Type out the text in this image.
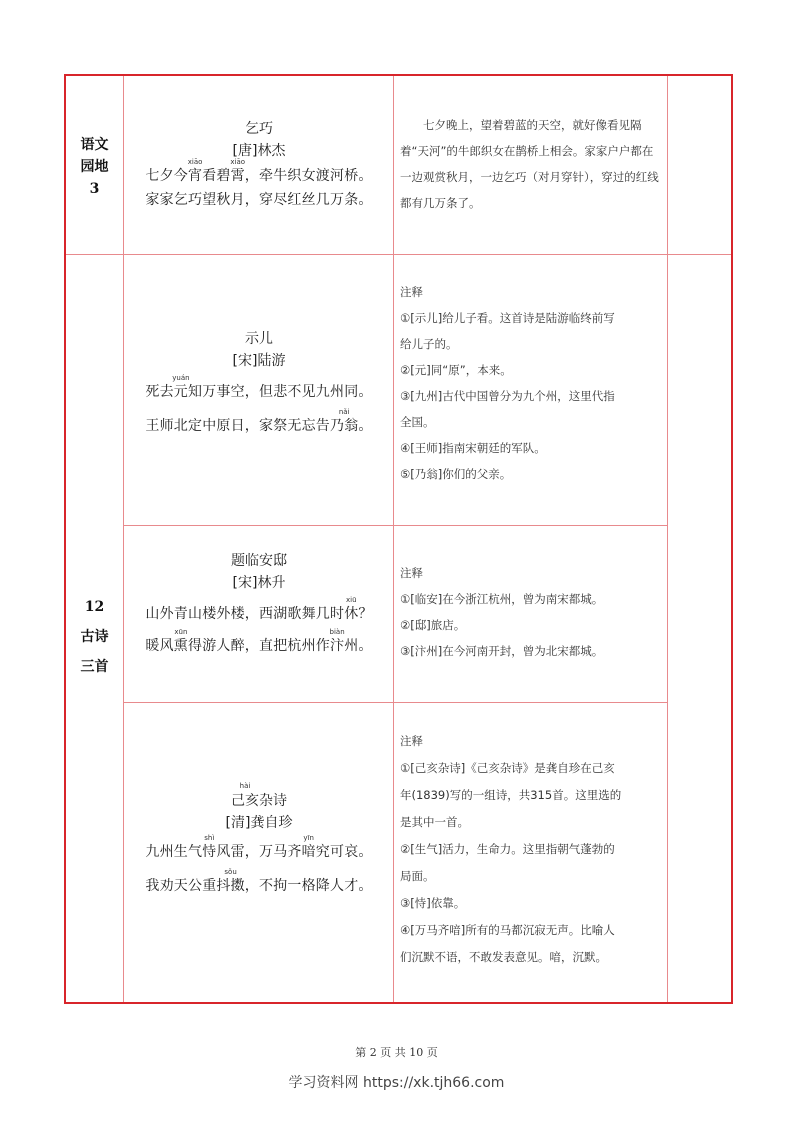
语文
园地
3
乞巧
[唐]林杰
七夕今宵
xiāo
看碧霄
xiāo
，牵牛织女渡河桥。
家家乞巧望秋月，穿尽红丝几万条。
七夕晚上，望着碧蓝的天空，就好像看见隔着“天河”的牛郎织女在鹊桥上相会。家家户户都在一边观赏秋月，一边乞巧（对月穿针），穿过的红线都有几万条了。
12
古诗
三首
示儿
[宋]陆游
死去元
yuán
知万事空，但悲不见九州同。
王师北定中原日，家祭无忘告乃翁
nǎi
。
注释
①[示儿]给儿子看。这首诗是陆游临终前写
给儿子的。
②[元]同“原”，本来。
③[九州]古代中国曾分为九个州，这里代指
全国。
④[王师]指南宋朝廷的军队。
⑤[乃翁]你们的父亲。
题临安邸
[宋]林升
山外青山楼外楼，西湖歌舞几时休
xiū
？
暖风熏
xūn
得游人醉，直把杭州作汴
biàn
州。
注释
①[临安]在今浙江杭州，曾为南宋都城。
②[邸]旅店。
③[汴州]在今河南开封，曾为北宋都城。
己亥
hài
杂诗
[清]龚自珍
九州生气恃
shì
风雷，万马齐喑
yīn
究可哀。
我劝天公重抖擞
sǒu
，不拘一格降人才。
注释
①[己亥杂诗]《己亥杂诗》是龚自珍在己亥
年(1839)写的一组诗，共315首。这里选的
是其中一首。
②[生气]活力，生命力。这里指朝气蓬勃的
局面。
③[恃]依靠。
④[万马齐喑]所有的马都沉寂无声。比喻人
们沉默不语，不敢发表意见。喑，沉默。
第 2 页 共 10 页
学习资料网 https://xk.tjh66.com
